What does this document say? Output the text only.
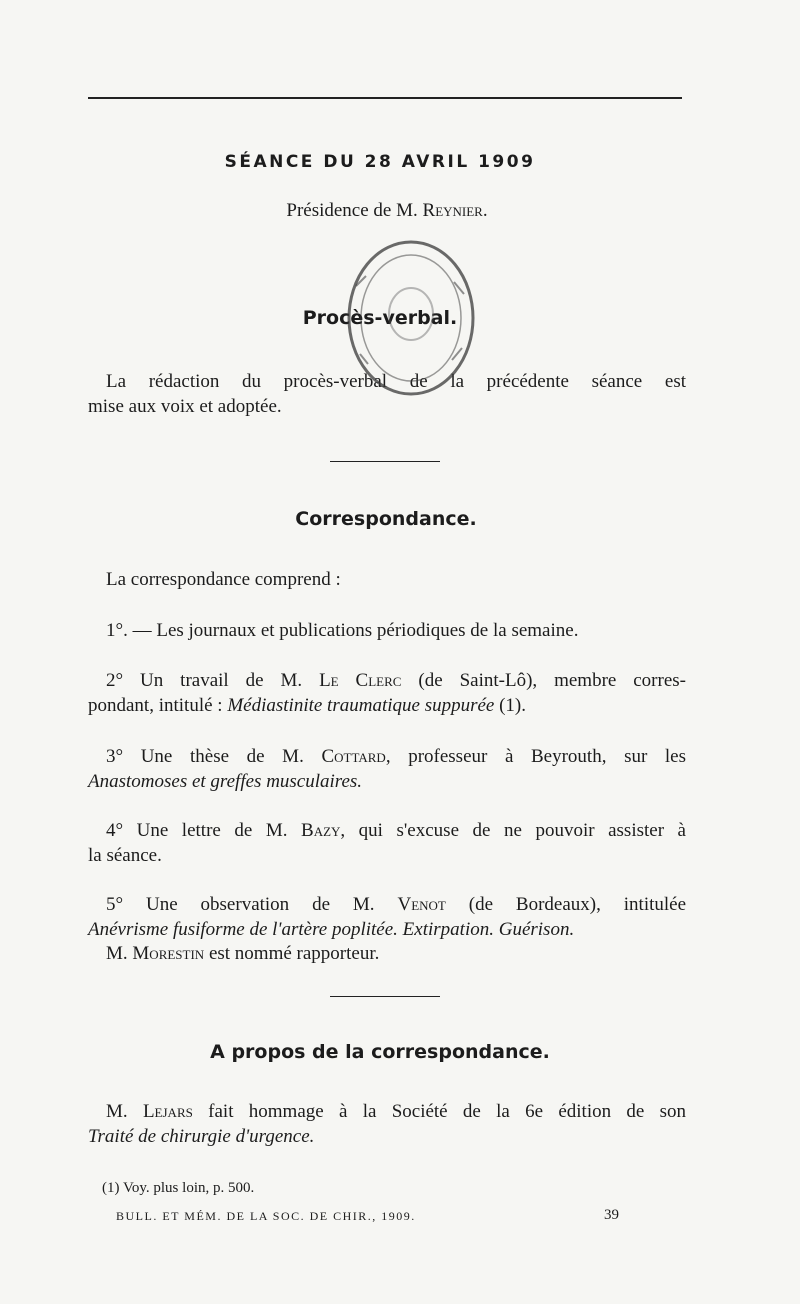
SÉANCE DU 28 AVRIL 1909

Présidence de M. Reynier.

Procès-verbal.

La rédaction du procès-verbal de la précédente séance est
mise aux voix et adoptée.

Correspondance.

La correspondance comprend :

1°. — Les journaux et publications périodiques de la semaine.

2° Un travail de M. Le Clerc (de Saint-Lô), membre corres-
pondant, intitulé : Médiastinite traumatique suppurée (1).
3° Une thèse de M. Cottard, professeur à Beyrouth, sur les
Anastomoses et greffes musculaires.
4° Une lettre de M. Bazy, qui s'excuse de ne pouvoir assister à
la séance.
5° Une observation de M. Venot (de Bordeaux), intitulée
Anévrisme fusiforme de l'artère poplitée. Extirpation. Guérison.

M. Morestin est nommé rapporteur.

A propos de la correspondance.

M. Lejars fait hommage à la Société de la 6e édition de son
Traité de chirurgie d'urgence.

(1) Voy. plus loin, p. 500.

BULL. ET MÉM. DE LA SOC. DE CHIR., 1909.	39
